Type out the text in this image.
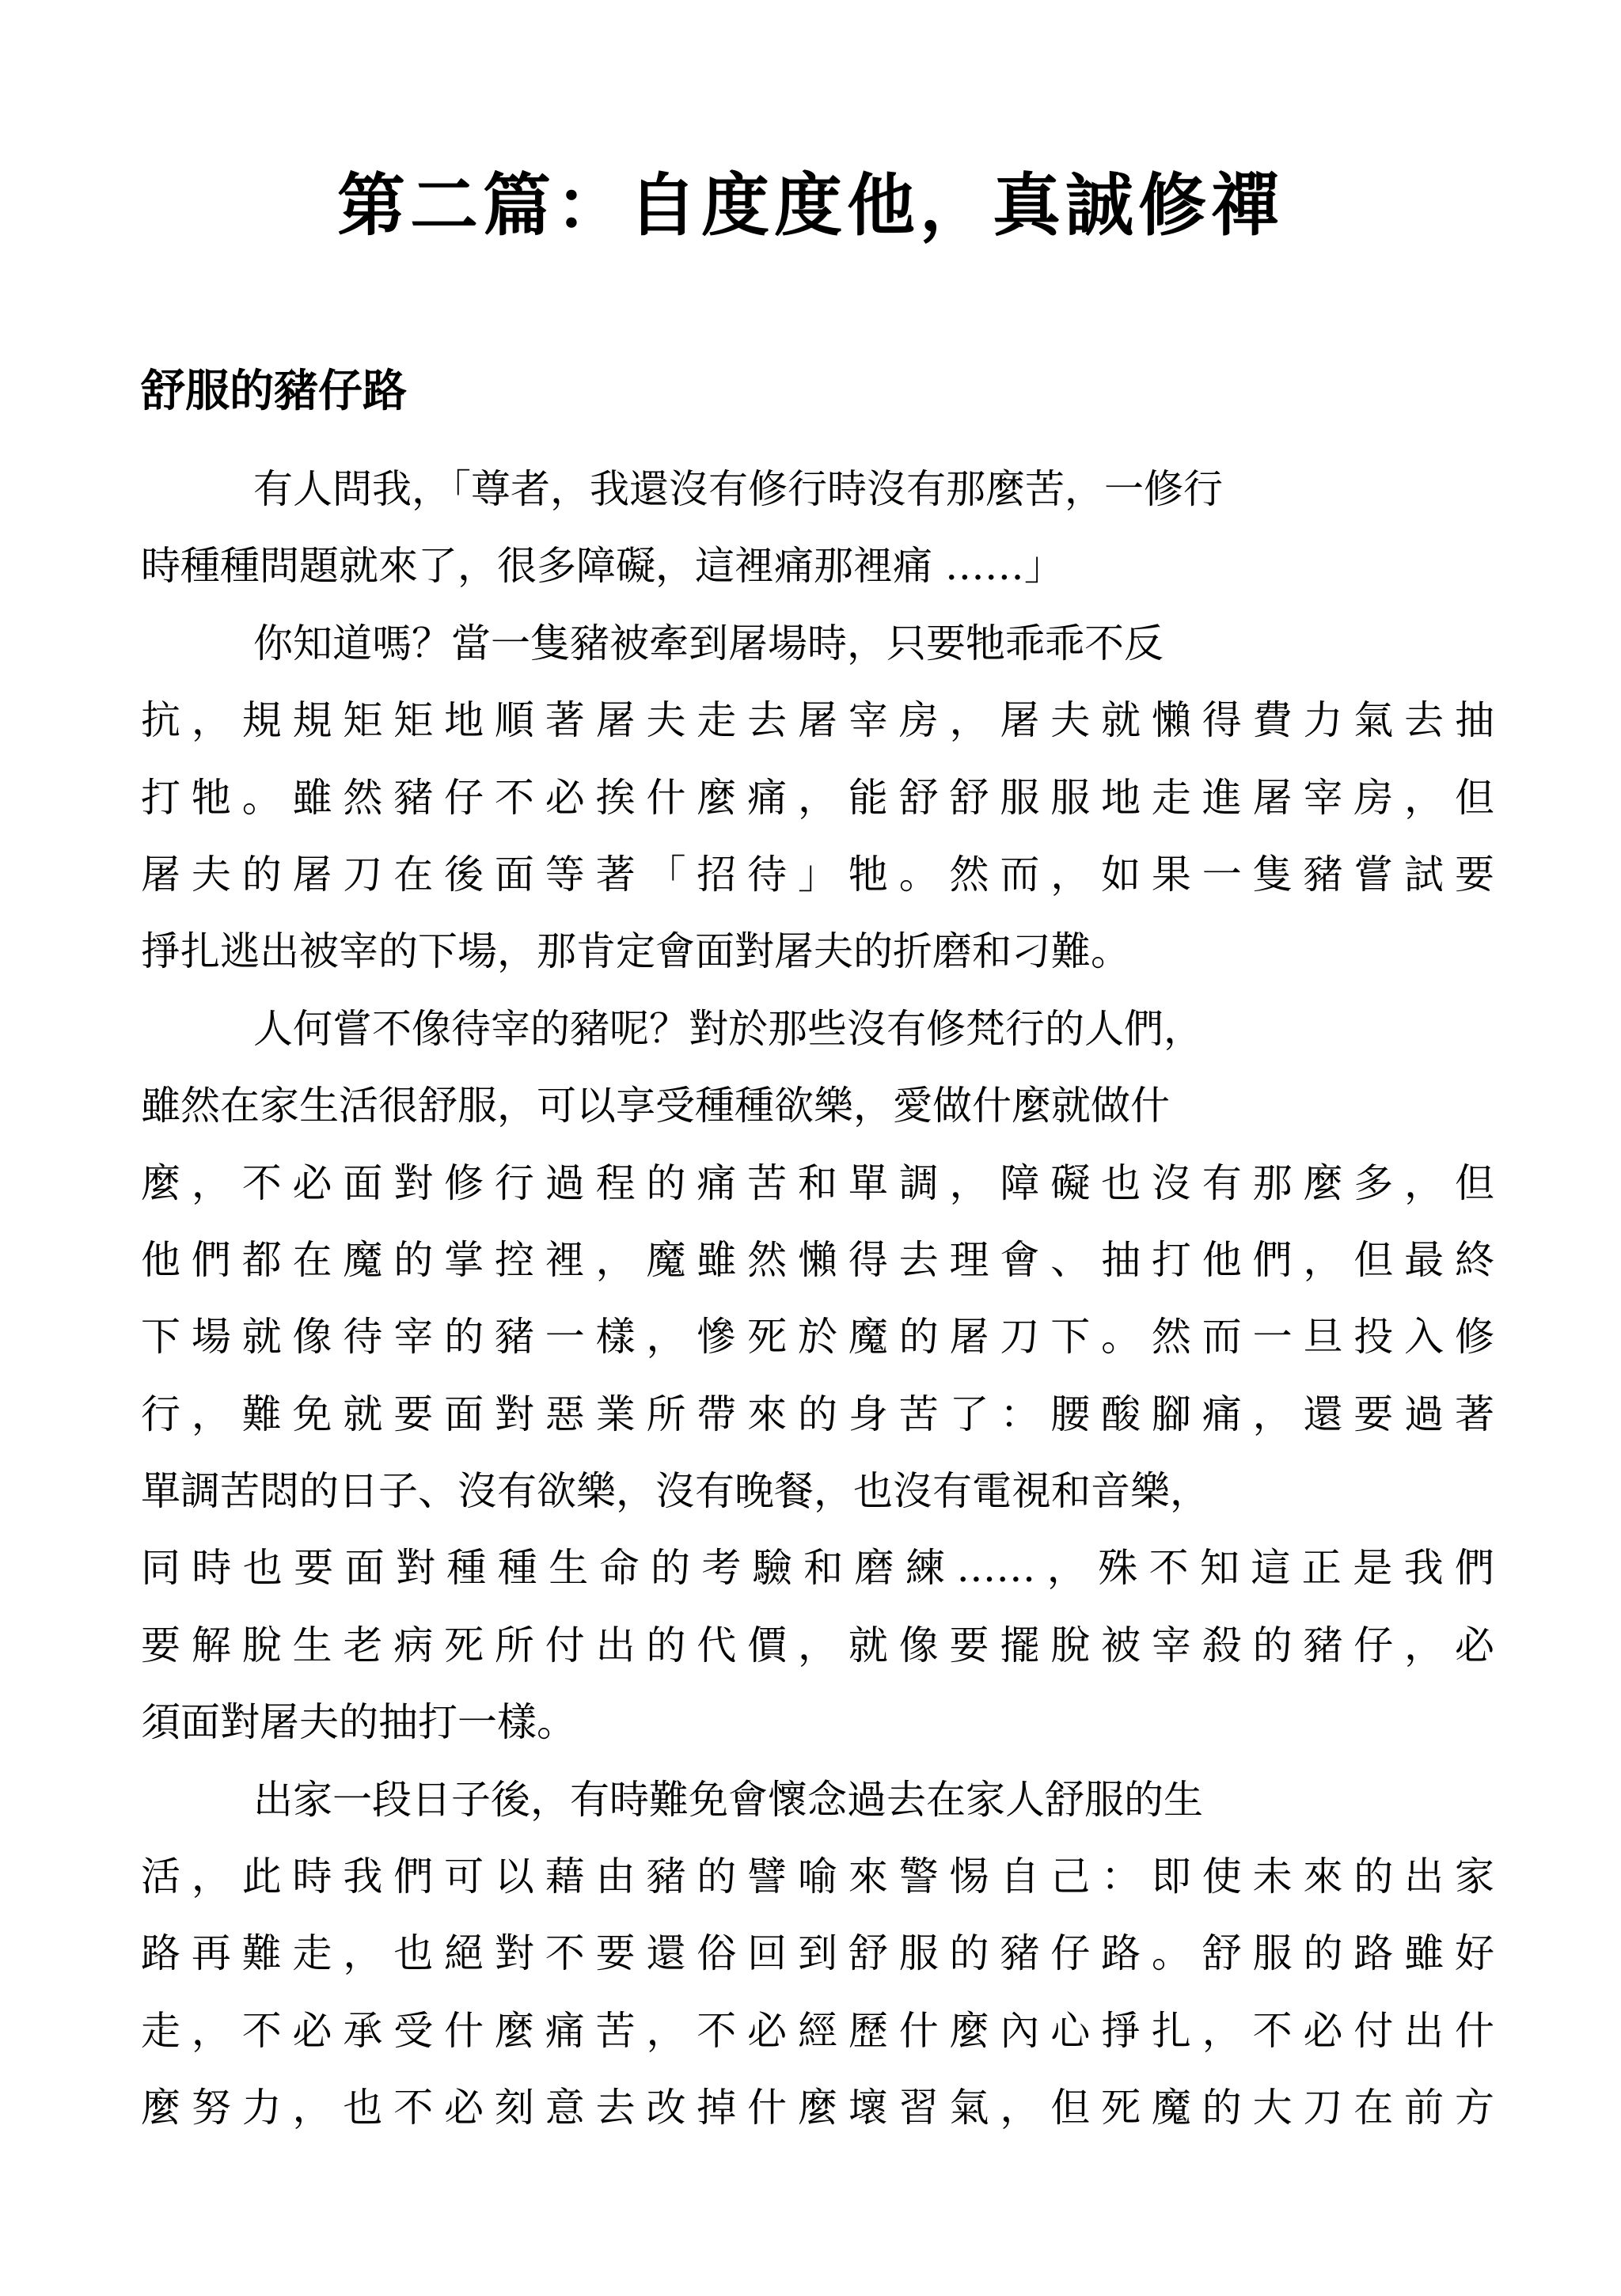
第二篇：自度度他，真誠修禪
舒服的豬仔路
有人問我，「尊者，我還沒有修行時沒有那麼苦，一修行
時種種問題就來了，很多障礙，這裡痛那裡痛 ……」
你知道嗎？當一隻豬被牽到屠場時，只要牠乖乖不反
抗，規規矩矩地順著屠夫走去屠宰房，屠夫就懶得費力氣去抽
打牠。雖然豬仔不必挨什麼痛，能舒舒服服地走進屠宰房，但
屠夫的屠刀在後面等著「招待」牠。然而，如果一隻豬嘗試要
掙扎逃出被宰的下場，那肯定會面對屠夫的折磨和刁難。
人何嘗不像待宰的豬呢？對於那些沒有修梵行的人們，
雖然在家生活很舒服，可以享受種種欲樂，愛做什麼就做什
麼，不必面對修行過程的痛苦和單調，障礙也沒有那麼多，但
他們都在魔的掌控裡，魔雖然懶得去理會、抽打他們，但最終
下場就像待宰的豬一樣，慘死於魔的屠刀下。然而一旦投入修
行，難免就要面對惡業所帶來的身苦了：腰酸腳痛，還要過著
單調苦悶的日子、沒有欲樂，沒有晚餐，也沒有電視和音樂，
同時也要面對種種生命的考驗和磨練……，殊不知這正是我們
要解脫生老病死所付出的代價，就像要擺脫被宰殺的豬仔，必
須面對屠夫的抽打一樣。
出家一段日子後，有時難免會懷念過去在家人舒服的生
活，此時我們可以藉由豬的譬喻來警惕自己：即使未來的出家
路再難走，也絕對不要還俗回到舒服的豬仔路。舒服的路雖好
走，不必承受什麼痛苦，不必經歷什麼內心掙扎，不必付出什
麼努力，也不必刻意去改掉什麼壞習氣，但死魔的大刀在前方
